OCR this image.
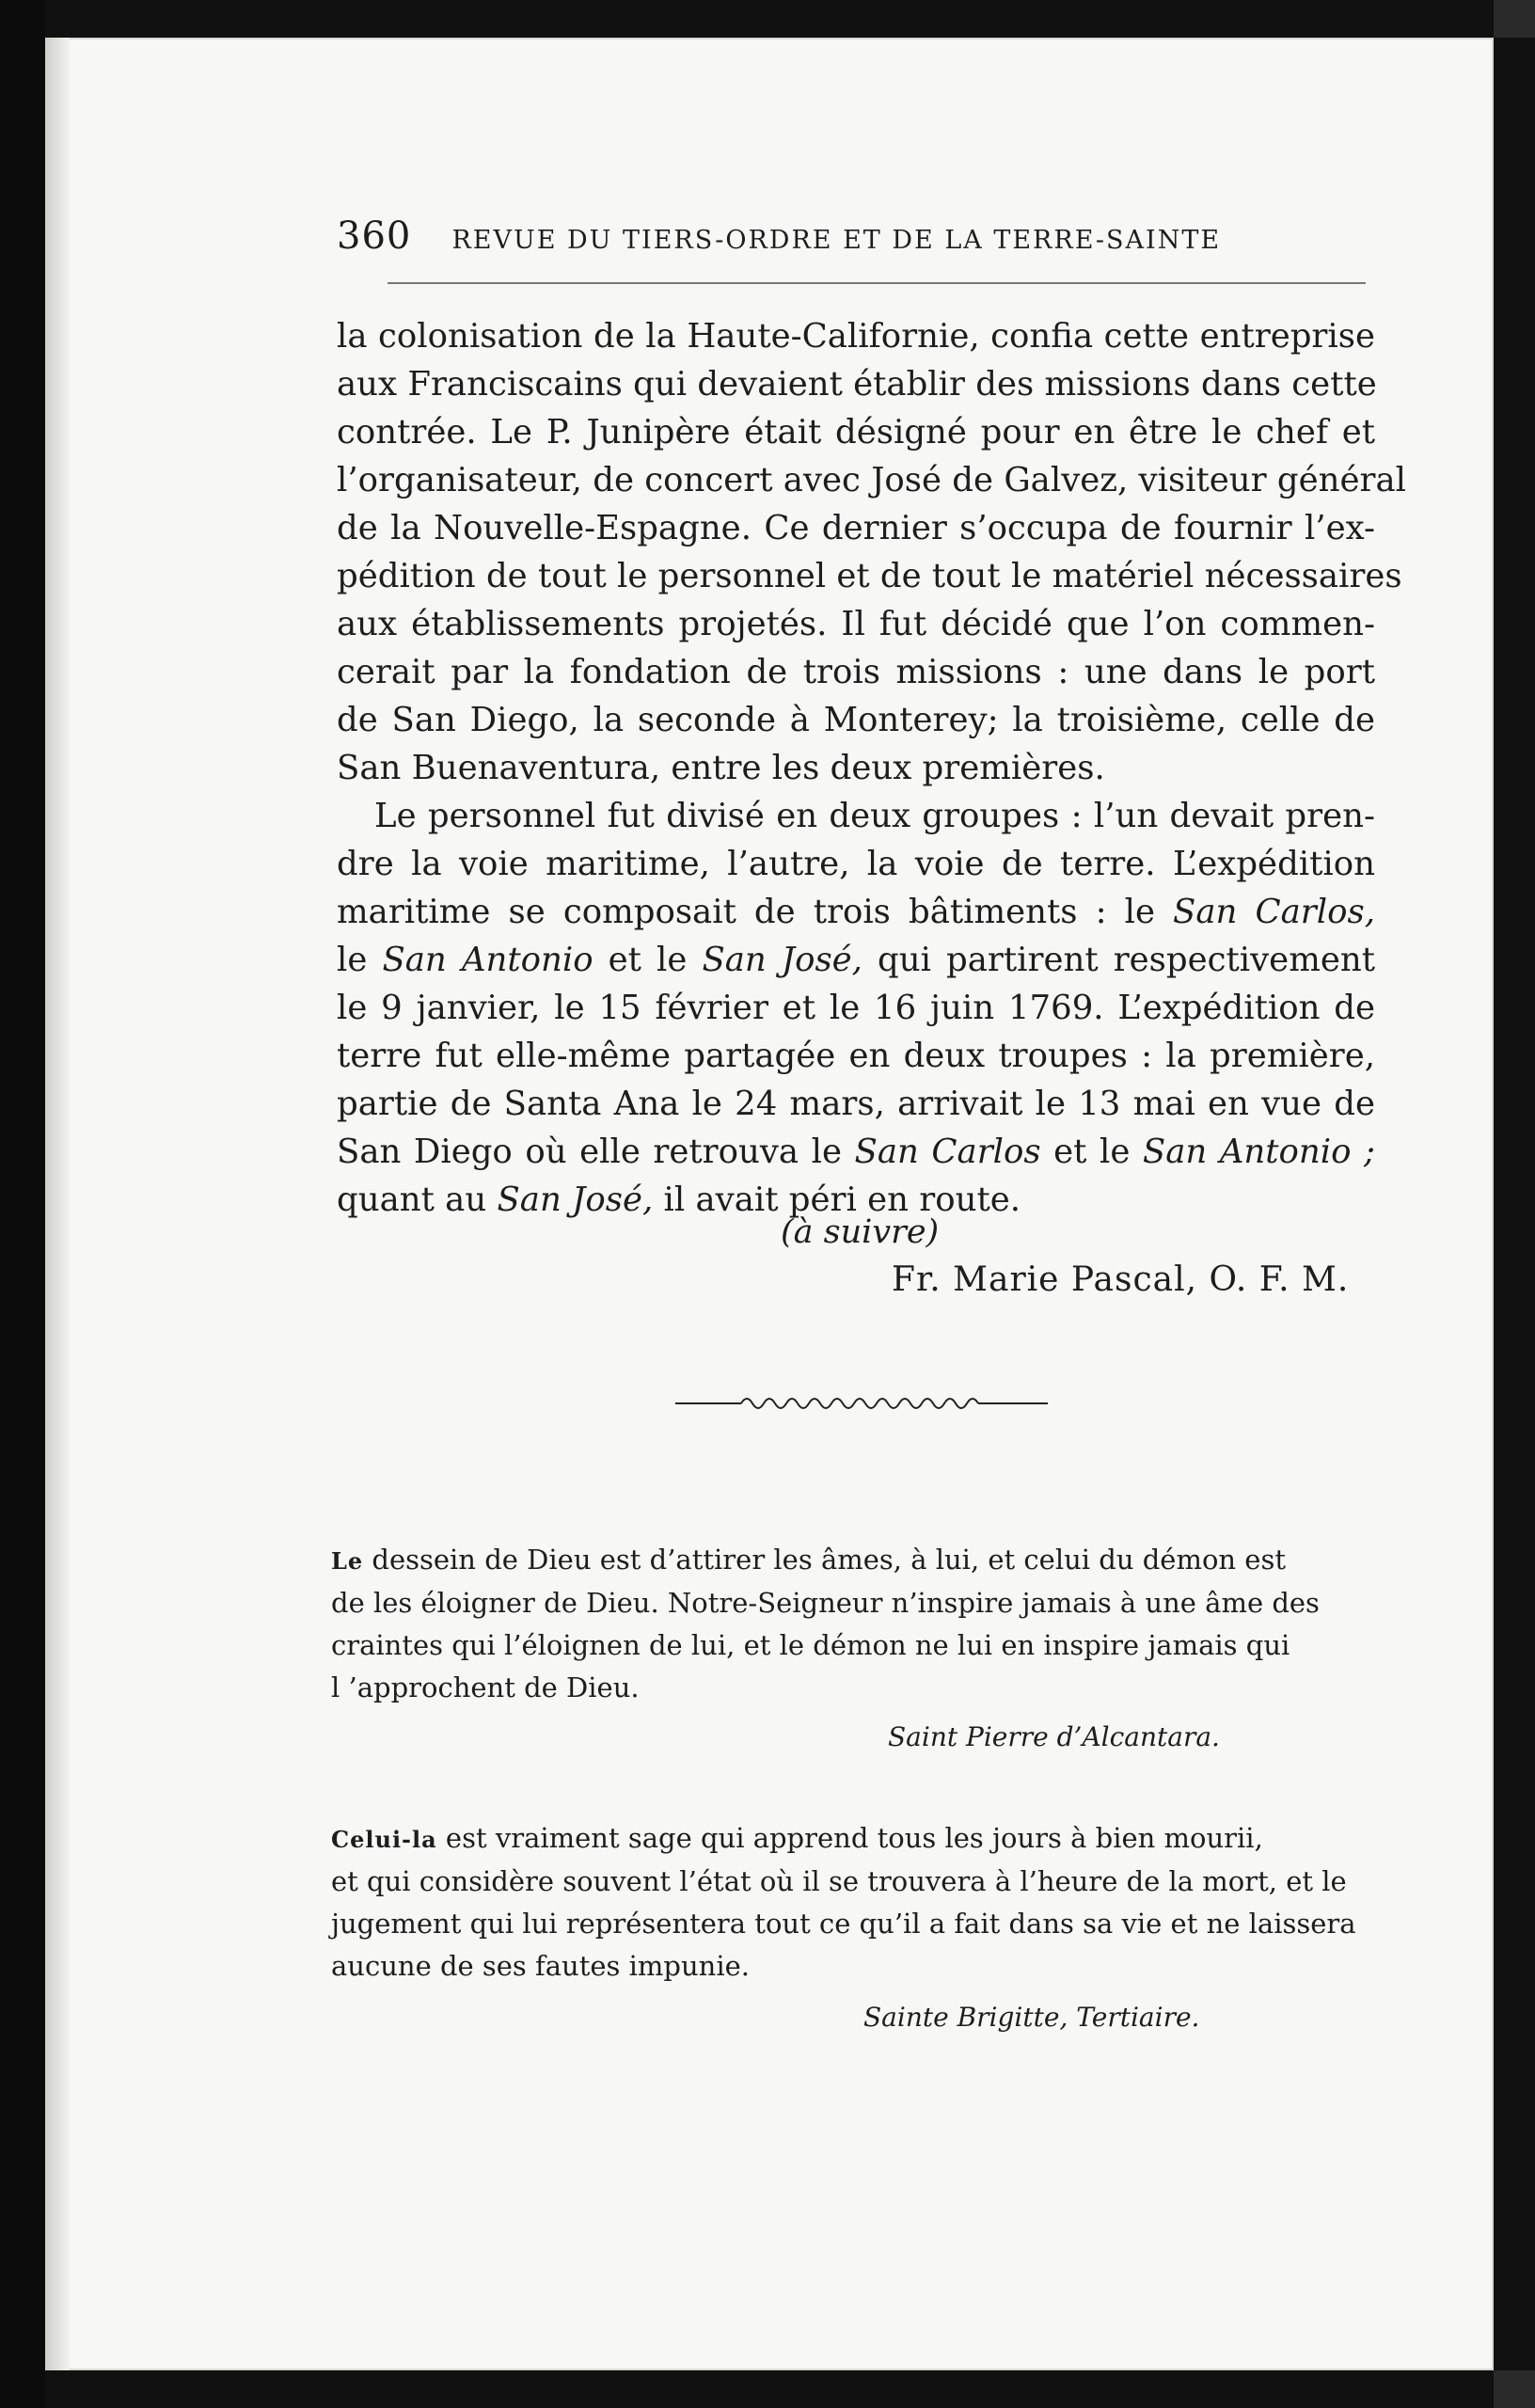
360 REVUE DU TIERS-ORDRE ET DE LA TERRE-SAINTE

la colonisation de la Haute-Californie, confia cette entreprise
aux Franciscains qui devaient établir des missions dans cette
contrée. Le P. Junipère était désigné pour en être le chef et
l’organisateur, de concert avec José de Galvez, visiteur général
de la Nouvelle-Espagne. Ce dernier s’occupa de fournir l’ex-
pédition de tout le personnel et de tout le matériel nécessaires
aux établissements projetés. Il fut décidé que l’on commen-
cerait par la fondation de trois missions : une dans le port
de San Diego, la seconde à Monterey; la troisième, celle de
San Buenaventura, entre les deux premières.

Le personnel fut divisé en deux groupes : l’un devait pren-
dre la voie maritime, l’autre, la voie de terre. L’expédition
maritime se composait de trois bâtiments : le San Carlos,
le San Antonio et le San José, qui partirent respectivement
le 9 janvier, le 15 février et le 16 juin 1769. L’expédition de
terre fut elle-même partagée en deux troupes : la première,
partie de Santa Ana le 24 mars, arrivait le 13 mai en vue de
San Diego où elle retrouva le San Carlos et le San Antonio ;
quant au San José, il avait péri en route.

(à suivre)
Fr. Marie Pascal, O. F. M.
Le dessein de Dieu est d’attirer les âmes, à lui, et celui du démon est
de les éloigner de Dieu. Notre-Seigneur n’inspire jamais à une âme des
craintes qui l’éloignen de lui, et le démon ne lui en inspire jamais qui
l ’approchent de Dieu.
Saint Pierre d’Alcantara.
Celui-la est vraiment sage qui apprend tous les jours à bien mourii,
et qui considère souvent l’état où il se trouvera à l’heure de la mort, et le
jugement qui lui représentera tout ce qu’il a fait dans sa vie et ne laissera
aucune de ses fautes impunie.
Sainte Brigitte, Tertiaire.
